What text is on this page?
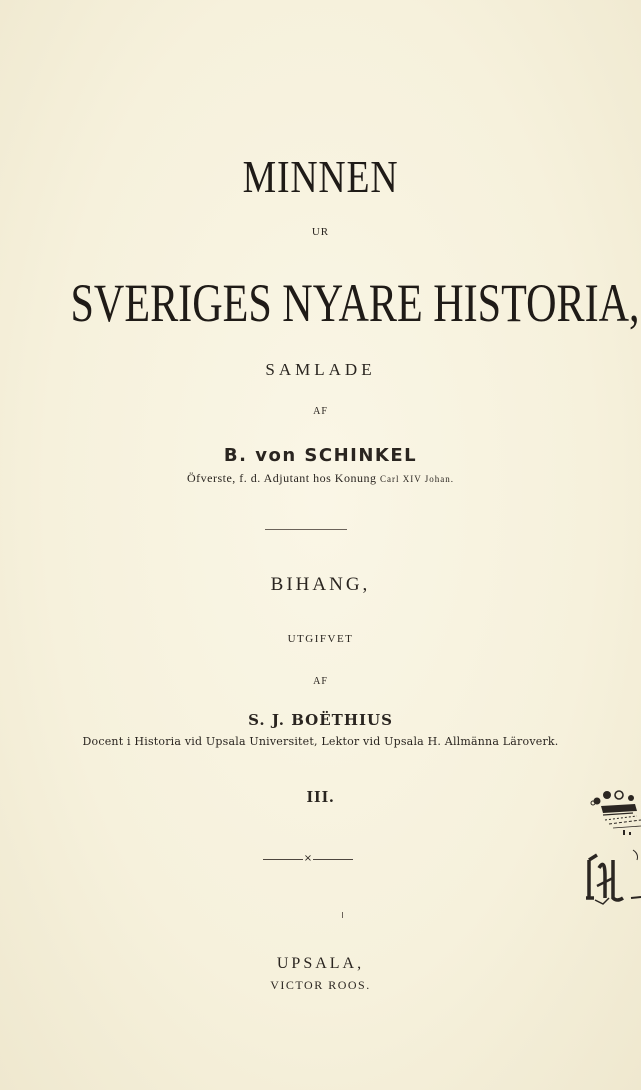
MINNEN
UR
SVERIGES NYARE HISTORIA,
SAMLADE
AF
B. von SCHINKEL
Öfverste, f. d. Adjutant hos Konung Carl XIV Johan.
BIHANG,
UTGIFVET
AF
S. J. BOËTHIUS
Docent i Historia vid Upsala Universitet, Lektor vid Upsala H. Allmänna Läroverk.
III.
×
UPSALA,
VICTOR ROOS.
